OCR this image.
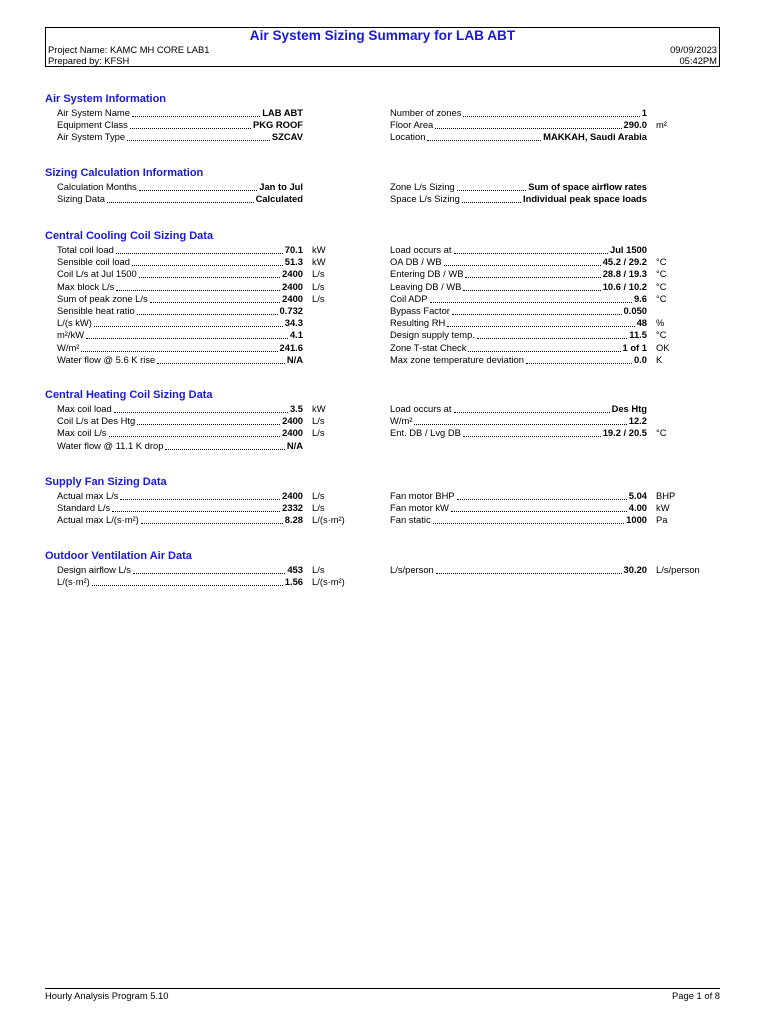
Air System Sizing Summary for LAB ABT
Project Name: KAMC MH CORE LAB1
Prepared by: KFSH
09/09/2023
05:42PM
Air System Information
Air System Name	LAB ABT
Equipment Class	PKG ROOF
Air System Type	SZCAV
Number of zones	1
Floor Area	290.0 m²
Location	MAKKAH, Saudi Arabia
Sizing Calculation Information
Calculation Months	Jan to Jul
Sizing Data	Calculated
Zone L/s Sizing	Sum of space airflow rates
Space L/s Sizing	Individual peak space loads
Central Cooling Coil Sizing Data
Total coil load	70.1 kW
Sensible coil load	51.3 kW
Coil L/s at Jul 1500	2400 L/s
Max block L/s	2400 L/s
Sum of peak zone L/s	2400 L/s
Sensible heat ratio	0.732
L/(s kW)	34.3
m²/kW	4.1
W/m²	241.6
Water flow @ 5.6 K rise	N/A
Load occurs at	Jul 1500
OA DB / WB	45.2 / 29.2 °C
Entering DB / WB	28.8 / 19.3 °C
Leaving DB / WB	10.6 / 10.2 °C
Coil ADP	9.6 °C
Bypass Factor	0.050
Resulting RH	48 %
Design supply temp.	11.5 °C
Zone T-stat Check	1 of 1 OK
Max zone temperature deviation	0.0 K
Central Heating Coil Sizing Data
Max coil load	3.5 kW
Coil L/s at Des Htg	2400 L/s
Max coil L/s	2400 L/s
Water flow @ 11.1 K drop	N/A
Load occurs at	Des Htg
W/m²	12.2
Ent. DB / Lvg DB	19.2 / 20.5 °C
Supply Fan Sizing Data
Actual max L/s	2400 L/s
Standard L/s	2332 L/s
Actual max L/(s·m²)	8.28 L/(s·m²)
Fan motor BHP	5.04 BHP
Fan motor kW	4.00 kW
Fan static	1000 Pa
Outdoor Ventilation Air Data
Design airflow L/s	453 L/s
L/(s·m²)	1.56 L/(s·m²)
L/s/person	30.20 L/s/person
Hourly Analysis Program 5.10	Page 1 of 8
